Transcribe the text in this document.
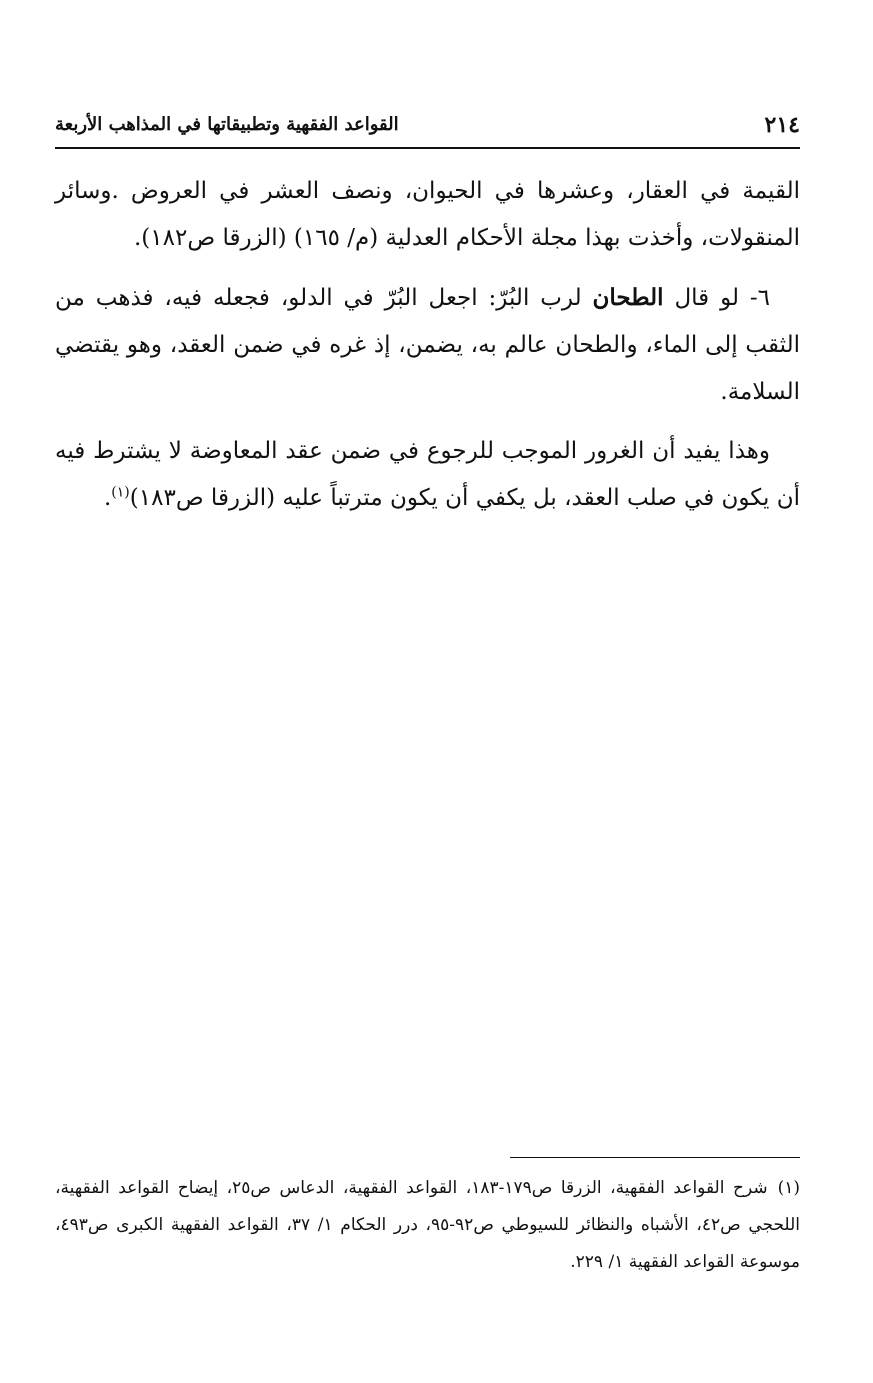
٢١٤
القواعد الفقهية وتطبيقاتها في المذاهب الأربعة

القيمة في العقار، وعشرها في الحيوان، ونصف العشر في العروض .وسائر المنقولات، وأخذت بهذا مجلة الأحكام العدلية (م/ ١٦٥) (الزرقا ص١٨٢).

٦- لو قال الطحان لرب البُرّ: اجعل البُرّ في الدلو، فجعله فيه، فذهب من الثقب إلى الماء، والطحان عالم به، يضمن، إذ غره في ضمن العقد، وهو يقتضي السلامة.

وهذا يفيد أن الغرور الموجب للرجوع في ضمن عقد المعاوضة لا يشترط فيه أن يكون في صلب العقد، بل يكفي أن يكون مترتباً عليه (الزرقا ص١٨٣)$^{(١)}$.

(١)شرح القواعد الفقهية، الزرقا ص١٧٩-١٨٣، القواعد الفقهية، الدعاس ص٢٥، إيضاح القواعد الفقهية، اللحجي ص٤٢، الأشباه والنظائر للسيوطي ص٩٢-٩٥، درر الحكام ١/ ٣٧، القواعد الفقهية الكبرى ص٤٩٣، موسوعة القواعد الفقهية ١/ ٢٢٩.
